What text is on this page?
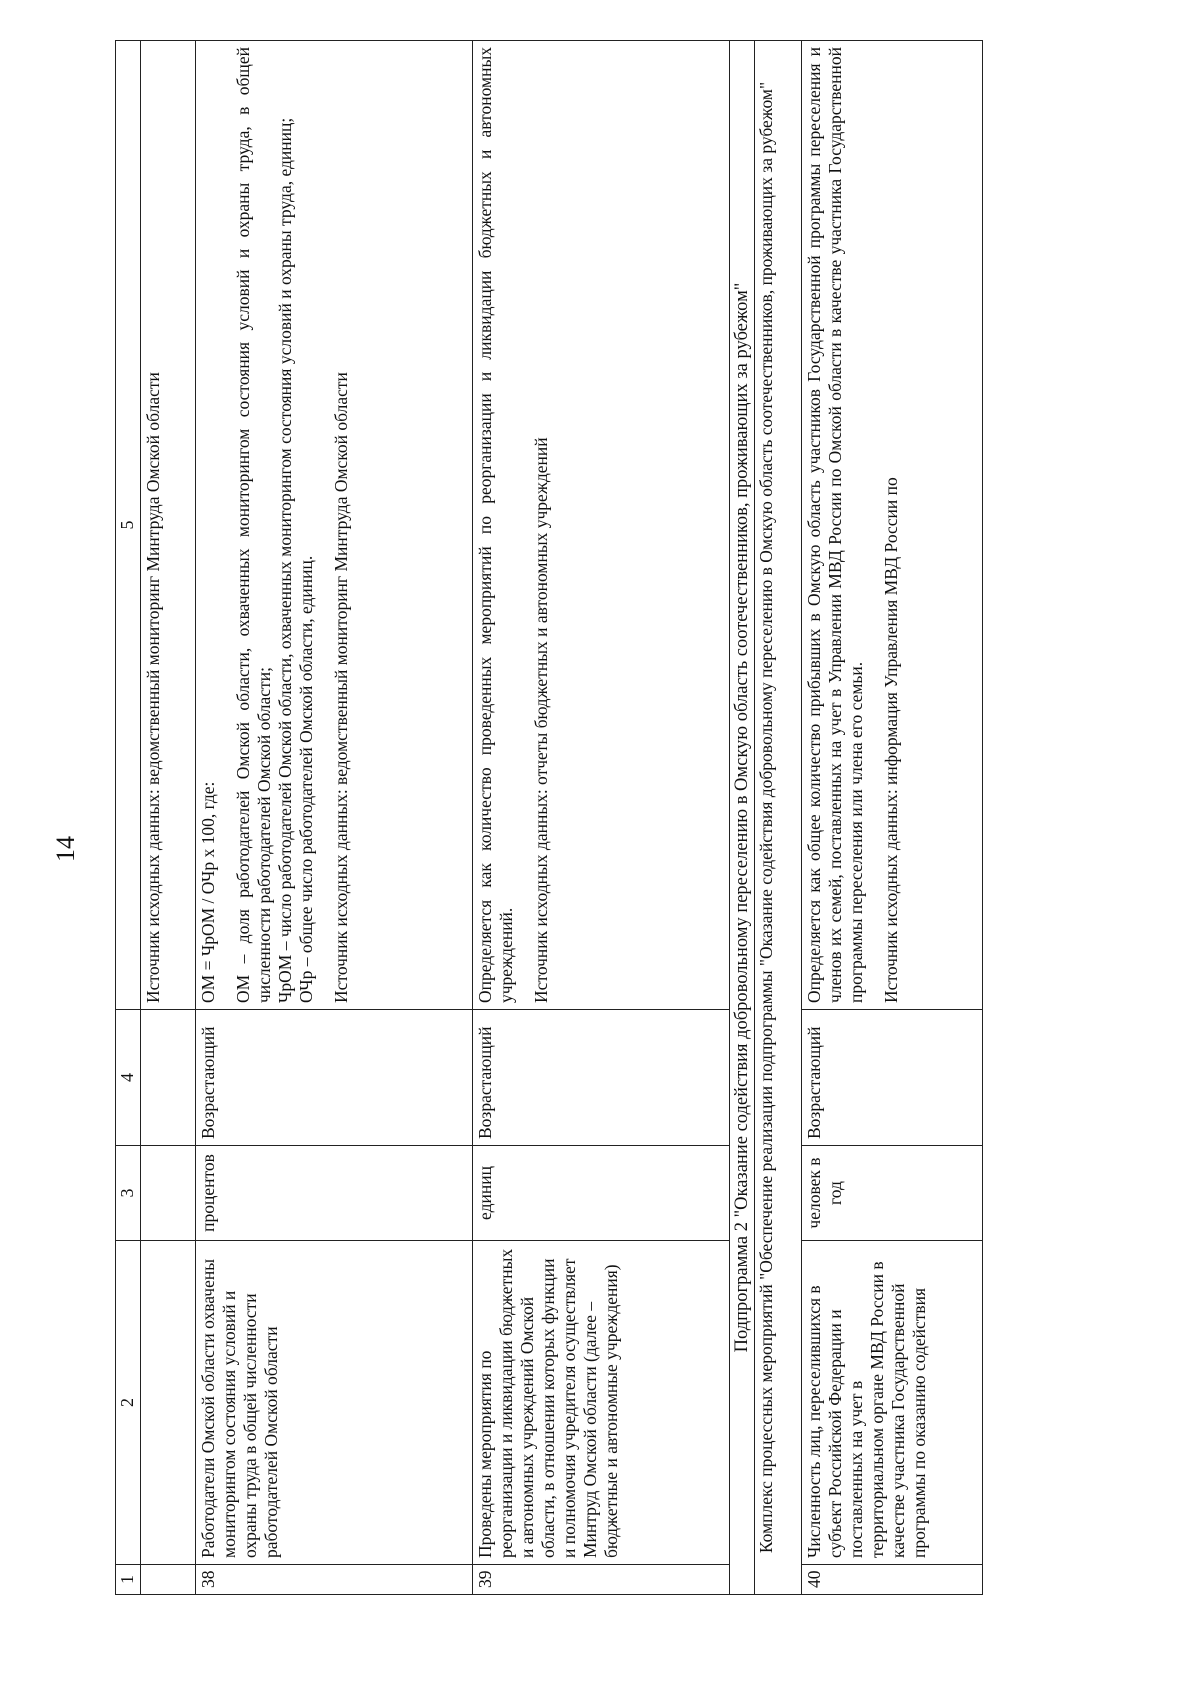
14
1	2	3	4	5
				Источник исходных данных: ведомственный мониторинг Минтруда Омской области
38	Работодатели Омской области охвачены мониторингом состояния условий и охраны труда в общей численности работодателей Омской области	процентов	Возрастающий	ОМ = ЧрОМ / ОЧр х 100, где: ОМ – доля работодателей Омской области, охваченных мониторингом состояния условий и охраны труда, в общей численности работодателей Омской области; ЧрОМ – число работодателей Омской области, охваченных мониторингом состояния условий и охраны труда, единиц; ОЧр – общее число работодателей Омской области, единиц. Источник исходных данных: ведомственный мониторинг Минтруда Омской области

39	Проведены мероприятия по реорганизации и ликвидации бюджетных и автономных учреждений Омской области, в отношении которых функции и полномочия учредителя осуществляет Минтруд Омской области (далее – бюджетные и автономные учреждения)	единиц	Возрастающий	Определяется как количество проведенных мероприятий по реорганизации и ликвидации бюджетных и автономных учреждений. Источник исходных данных: отчеты бюджетных и автономных учреждений

Подпрограмма 2 "Оказание содействия добровольному переселению в Омскую область соотечественников, проживающих за рубежом"				
Комплекс процессных мероприятий "Обеспечение реализации подпрограммы "Оказание содействия добровольному переселению в Омскую область соотечественников, проживающих за рубежом"				
40	Численность лиц, переселившихся в субъект Российской Федерации и поставленных на учет в территориальном органе МВД России в качестве участника Государственной программы по оказанию содействия	человек в год	Возрастающий	Определяется как общее количество прибывших в Омскую область участников Государственной программы переселения и членов их семей, поставленных на учет в Управлении МВД России по Омской области в качестве участника Государственной программы переселения или члена его семьи. Источник исходных данных: информация Управления МВД России по
